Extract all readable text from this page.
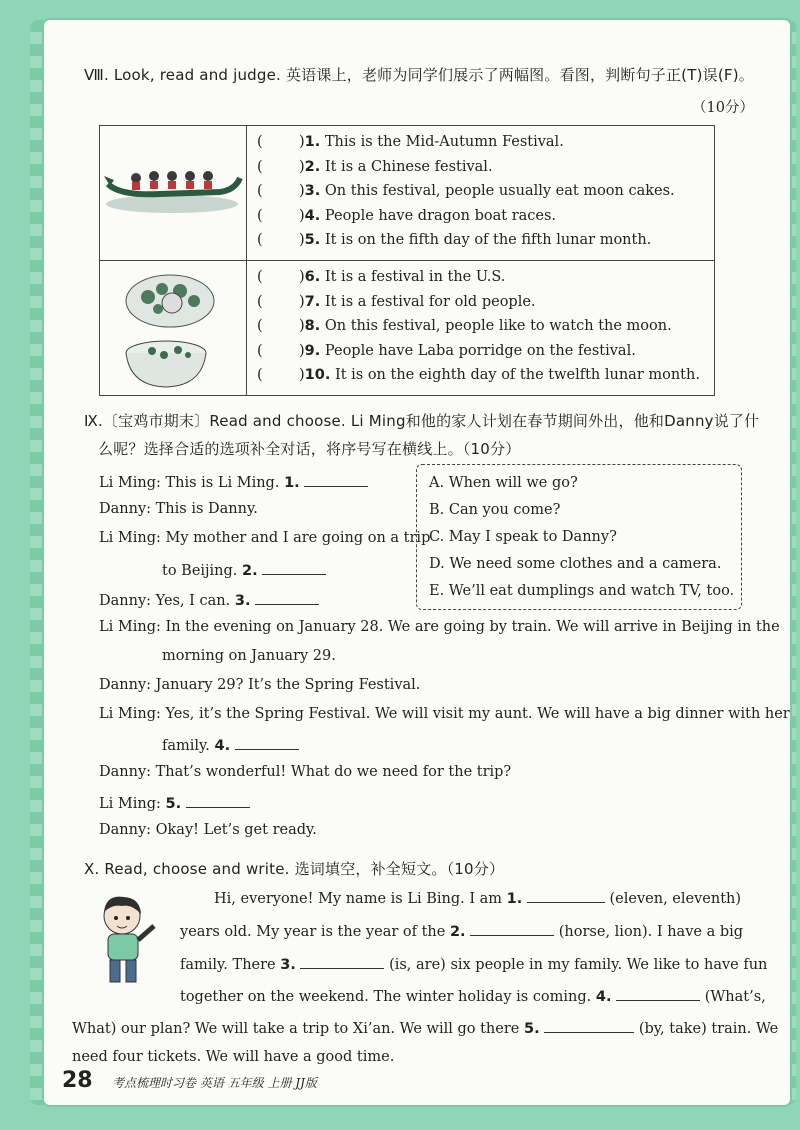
Ⅷ. Look, read and judge. 英语课上，老师为同学们展示了两幅图。看图，判断句子正(T)误(F)。
（10分）

( )1. This is the Mid-Autumn Festival.
( )2. It is a Chinese festival.
( )3. On this festival, people usually eat moon cakes.
( )4. People have dragon boat races.
( )5. It is on the fifth day of the fifth lunar month.

( )6. It is a festival in the U.S.
( )7. It is a festival for old people.
( )8. On this festival, people like to watch the moon.
( )9. People have Laba porridge on the festival.
( )10. It is on the eighth day of the twelfth lunar month.
Ⅸ.〔宝鸡市期末〕Read and choose. Li Ming和他的家人计划在春节期间外出，他和Danny说了什
么呢？选择合适的选项补全对话，将序号写在横线上。（10分）
Li Ming: This is Li Ming. 1.
Danny: This is Danny.
Li Ming: My mother and I are going on a trip
to Beijing. 2.
Danny: Yes, I can. 3.
Li Ming: In the evening on January 28. We are going by train. We will arrive in Beijing in the
morning on January 29.
Danny: January 29? It’s the Spring Festival.
Li Ming: Yes, it’s the Spring Festival. We will visit my aunt. We will have a big dinner with her
family. 4.
Danny: That’s wonderful! What do we need for the trip?
Li Ming: 5.
Danny: Okay! Let’s get ready.
A. When will we go?
B. Can you come?
C. May I speak to Danny?
D. We need some clothes and a camera.
E. We’ll eat dumplings and watch TV, too.
Ⅹ. Read, choose and write. 选词填空，补全短文。（10分）
Hi, everyone! My name is Li Bing. I am 1.	(eleven, eleventh)
years old. My year is the year of the 2.	(horse, lion). I have a big
family. There 3.	(is, are) six people in my family. We like to have fun
together on the weekend. The winter holiday is coming. 4.	(What’s,
What) our plan? We will take a trip to Xi’an. We will go there 5.	(by, take) train. We
need four tickets. We will have a good time.
28 考点梳理时习卷 英语 五年级 上册 JJ版
